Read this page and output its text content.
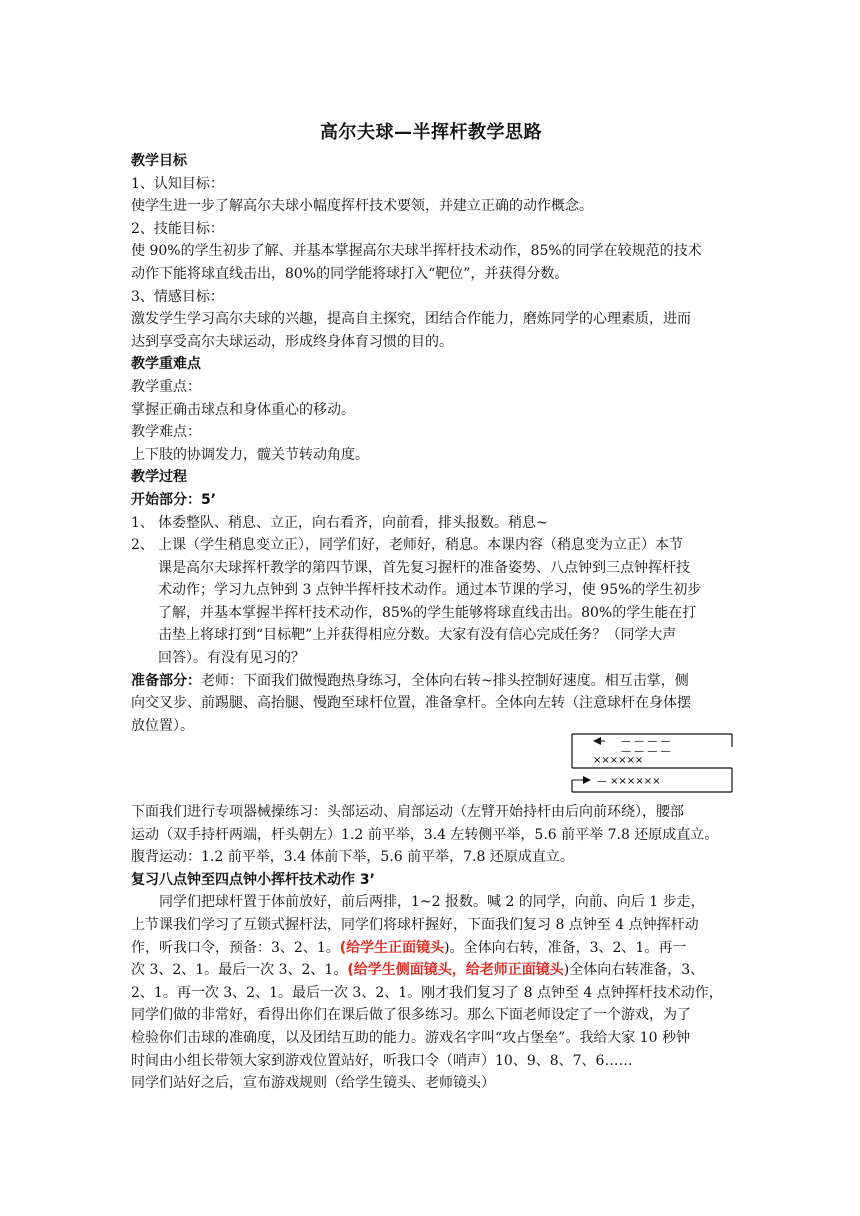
高尔夫球—半挥杆教学思路
教学目标
1、认知目标：
使学生进一步了解高尔夫球小幅度挥杆技术要领，并建立正确的动作概念。
2、技能目标：
使 90%的学生初步了解、并基本掌握高尔夫球半挥杆技术动作，85%的同学在较规范的技术
动作下能将球直线击出，80%的同学能将球打入“靶位”，并获得分数。
3、情感目标：
激发学生学习高尔夫球的兴趣，提高自主探究，团结合作能力，磨炼同学的心理素质，进而
达到享受高尔夫球运动，形成终身体育习惯的目的。
教学重难点
教学重点：
掌握正确击球点和身体重心的移动。
教学难点：
上下肢的协调发力，髋关节转动角度。
教学过程
开始部分：5’
1、 体委整队、稍息、立正，向右看齐，向前看，排头报数。稍息~
2、 上课（学生稍息变立正），同学们好，老师好，稍息。本课内容（稍息变为立正）本节
课是高尔夫球挥杆教学的第四节课，首先复习握杆的准备姿势、八点钟到三点钟挥杆技
术动作；学习九点钟到 3 点钟半挥杆技术动作。通过本节课的学习，使 95%的学生初步
了解，并基本掌握半挥杆技术动作，85%的学生能够将球直线击出。80%的学生能在打
击垫上将球打到“目标靶”上并获得相应分数。大家有没有信心完成任务？（同学大声
回答）。有没有见习的？
准备部分：老师：下面我们做慢跑热身练习，全体向右转~排头控制好速度。相互击掌，侧
向交叉步、前踢腿、高抬腿、慢跑至球杆位置，准备拿杆。全体向左转（注意球杆在身体摆
放位置）。
— — — —
— — — —
××××××
— ××××××
下面我们进行专项器械操练习：头部运动、肩部运动（左臂开始持杆由后向前环绕），腰部
运动（双手持杆两端，杆头朝左）1.2 前平举，3.4 左转侧平举，5.6 前平举 7.8 还原成直立。
腹背运动：1.2 前平举，3.4 体前下举，5.6 前平举，7.8 还原成直立。
复习八点钟至四点钟小挥杆技术动作 3’
同学们把球杆置于体前放好，前后两排，1~2 报数。喊 2 的同学，向前、向后 1 步走，
上节课我们学习了互锁式握杆法，同学们将球杆握好，下面我们复习 8 点钟至 4 点钟挥杆动
作，听我口令，预备：3、2、1。(给学生正面镜头)。全体向右转，准备，3、2、1。再一
次 3、2、1。最后一次 3、2、1。(给学生侧面镜头，给老师正面镜头)全体向右转准备，3、
2、1。再一次 3、2、1。最后一次 3、2、1。刚才我们复习了 8 点钟至 4 点钟挥杆技术动作，
同学们做的非常好，看得出你们在课后做了很多练习。那么下面老师设定了一个游戏，为了
检验你们击球的准确度，以及团结互助的能力。游戏名字叫“攻占堡垒”。我给大家 10 秒钟
时间由小组长带领大家到游戏位置站好，听我口令（哨声）10、9、8、7、6……
同学们站好之后，宣布游戏规则（给学生镜头、老师镜头）
